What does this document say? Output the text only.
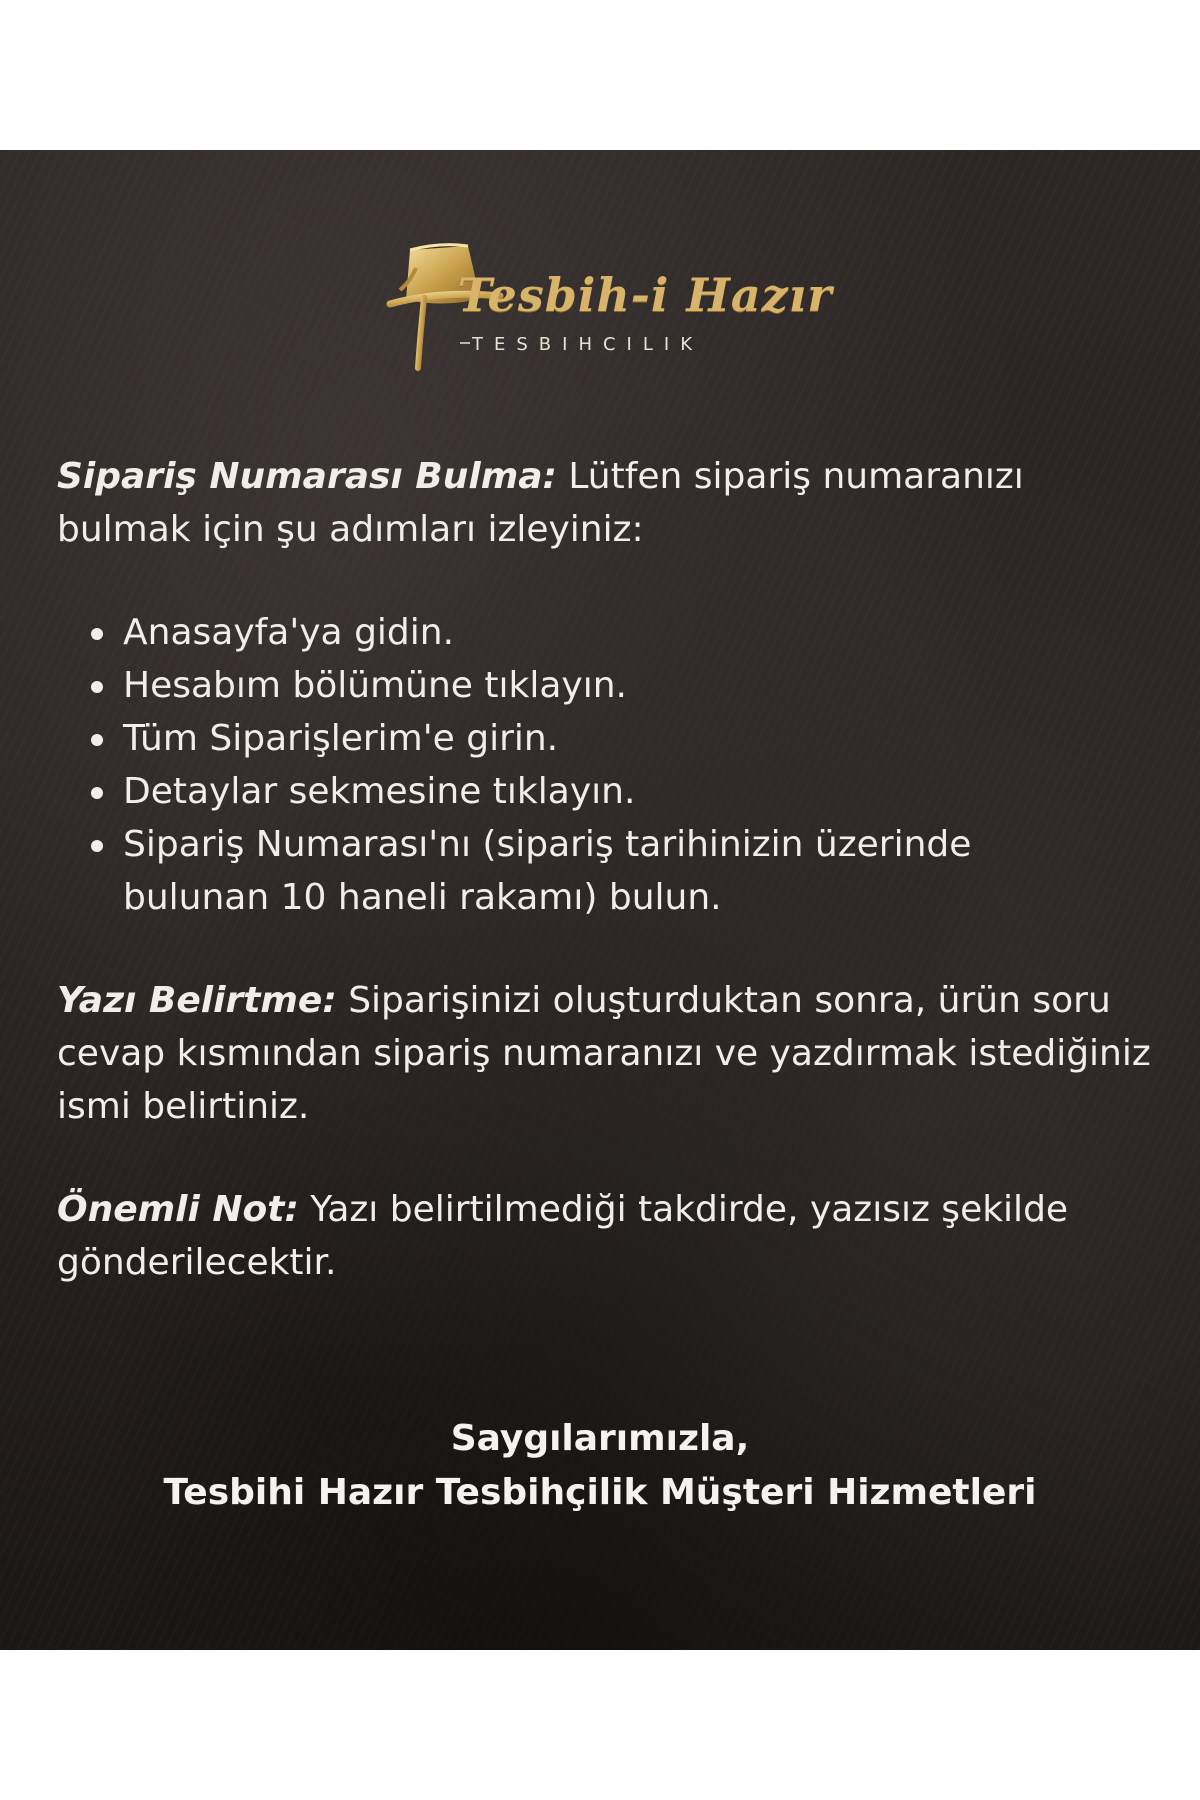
Tesbih-i Hazır
TESBIHCILIK

Sipariş Numarası Bulma: Lütfen sipariş numaranızı bulmak için şu adımları izleyiniz:

Anasayfa'ya gidin.
Hesabım bölümüne tıklayın.
Tüm Siparişlerim'e girin.
Detaylar sekmesine tıklayın.
Sipariş Numarası'nı (sipariş tarihinizin üzerinde bulunan 10 haneli rakamı) bulun.

Yazı Belirtme: Siparişinizi oluşturduktan sonra, ürün soru cevap kısmından sipariş numaranızı ve yazdırmak istediğiniz ismi belirtiniz.

Önemli Not: Yazı belirtilmediği takdirde, yazısız şekilde gönderilecektir.

Saygılarımızla,
Tesbihi Hazır Tesbihçilik Müşteri Hizmetleri
